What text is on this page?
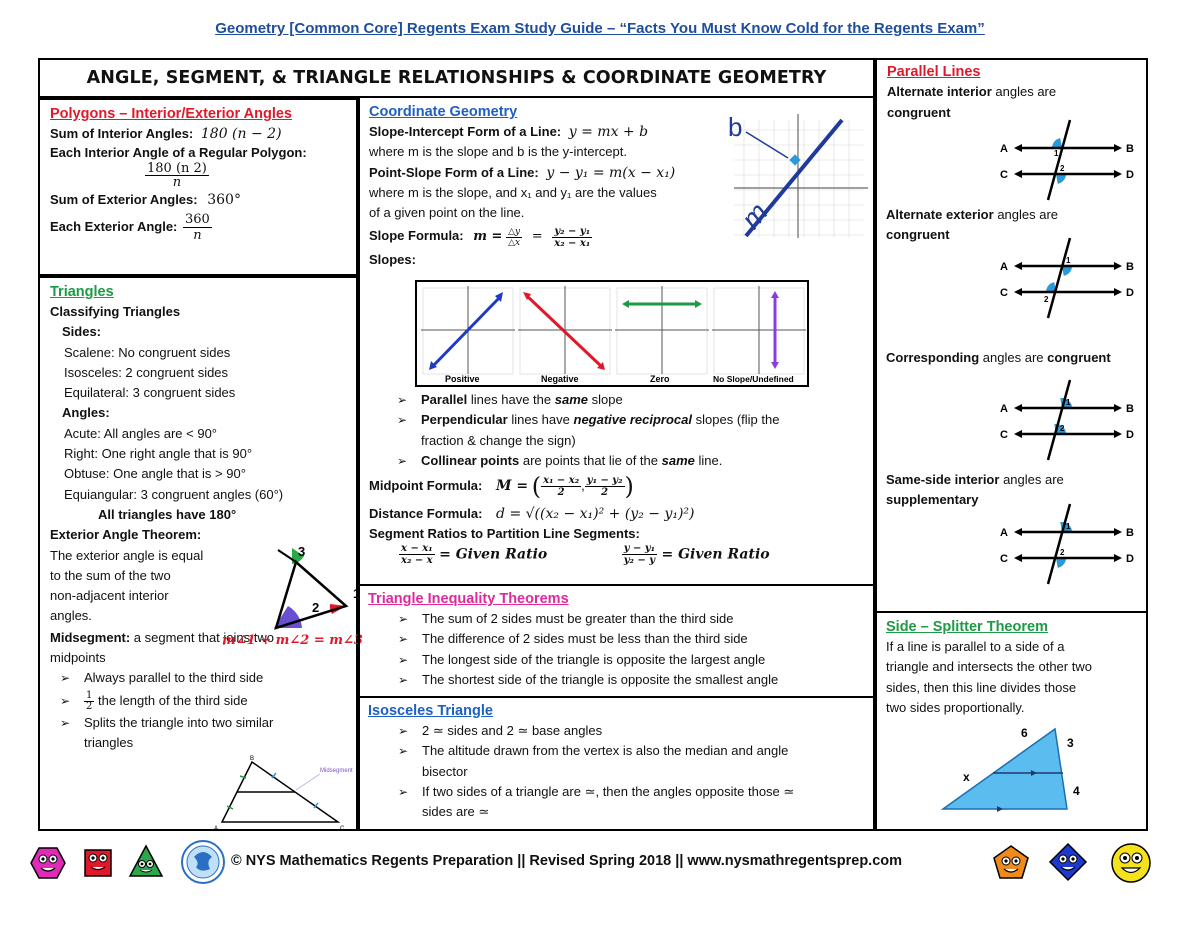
Geometry [Common Core] Regents Exam Study Guide – “Facts You Must Know Cold for the Regents Exam”
ANGLE, SEGMENT, & TRIANGLE RELATIONSHIPS & COORDINATE GEOMETRY
Polygons – Interior/Exterior Angles
Sum of Interior Angles: 180 (n − 2)
Each Interior Angle of a Regular Polygon:
$\frac{180 (n 2)}{n}$
Sum of Exterior Angles: 360°
Each Exterior Angle: $\frac{360}{n}$
Triangles
Classifying Triangles
Sides:
Scalene: No congruent sides
Isosceles: 2 congruent sides
Equilateral: 3 congruent sides
Angles:
Acute: All angles are < 90°
Right: One right angle that is 90°
Obtuse: One angle that is > 90°
Equiangular: 3 congruent angles (60°)
All triangles have 180°
Exterior Angle Theorem:
The exterior angle is equal
to the sum of the two
non-adjacent interior
angles.
3
2
1
m∠1 + m∠2 = m∠3
Midsegment: a segment that joins two
midpoints
➢ Always parallel to the third side
➢ $\frac{1}{2}$ the length of the third side
➢ Splits the triangle into two similar
triangles
B
A	C
Midsegment
Coordinate Geometry
Slope-Intercept Form of a Line: y = mx + b
where m is the slope and b is the y-intercept.
Point-Slope Form of a Line: y − y₁ = m(x − x₁)
where m is the slope, and x₁ and y₁ are the values
of a given point on the line.
Slope Formula: $m = \frac{\triangle y}{\triangle x} = \frac{\text{y₂ − y₁}}{\text{x₂ − x₁}}$
Slopes:
b
m
Positive	Negative	Zero	No Slope/Undefined
➢ Parallel lines have the same slope
➢ Perpendicular lines have negative reciprocal slopes (flip the
fraction & change the sign)
➢ Collinear points are points that lie of the same line.
Midpoint Formula: M = ( $\frac{\text{x₁ − x₂}}{2}$ , $\frac{\text{y₁ − y₂}}{2}$ )
Distance Formula: d = √((x₂ − x₁)² + (y₂ − y₁)²)
Segment Ratios to Partition Line Segments:
$\frac{\text{x − x₁}}{\text{x₂ − x}}$ = Given Ratio	$\frac{\text{y − y₁}}{\text{y₂ − y}}$ = Given Ratio
Triangle Inequality Theorems
➢ The sum of 2 sides must be greater than the third side
➢ The difference of 2 sides must be less than the third side
➢ The longest side of the triangle is opposite the largest angle
➢ The shortest side of the triangle is opposite the smallest angle
Isosceles Triangle
➢ 2 ≃ sides and 2 ≃ base angles
➢ The altitude drawn from the vertex is also the median and angle
bisector
➢ If two sides of a triangle are ≃, then the angles opposite those ≃
sides are ≃
Parallel Lines
Alternate interior angles are
congruent
A	B
C	D
1
2
A	B
C	D
1
2
A	B
C	D
1
2
A	B
C	D
1
2
Alternate exterior angles are
congruent
Corresponding angles are congruent
Same-side interior angles are
supplementary
Side – Splitter Theorem
If a line is parallel to a side of a
triangle and intersects the other two
sides, then this line divides those
two sides proportionally.
6
3
x
4
© NYS Mathematics Regents Preparation || Revised Spring 2018 || www.nysmathregentsprep.com
